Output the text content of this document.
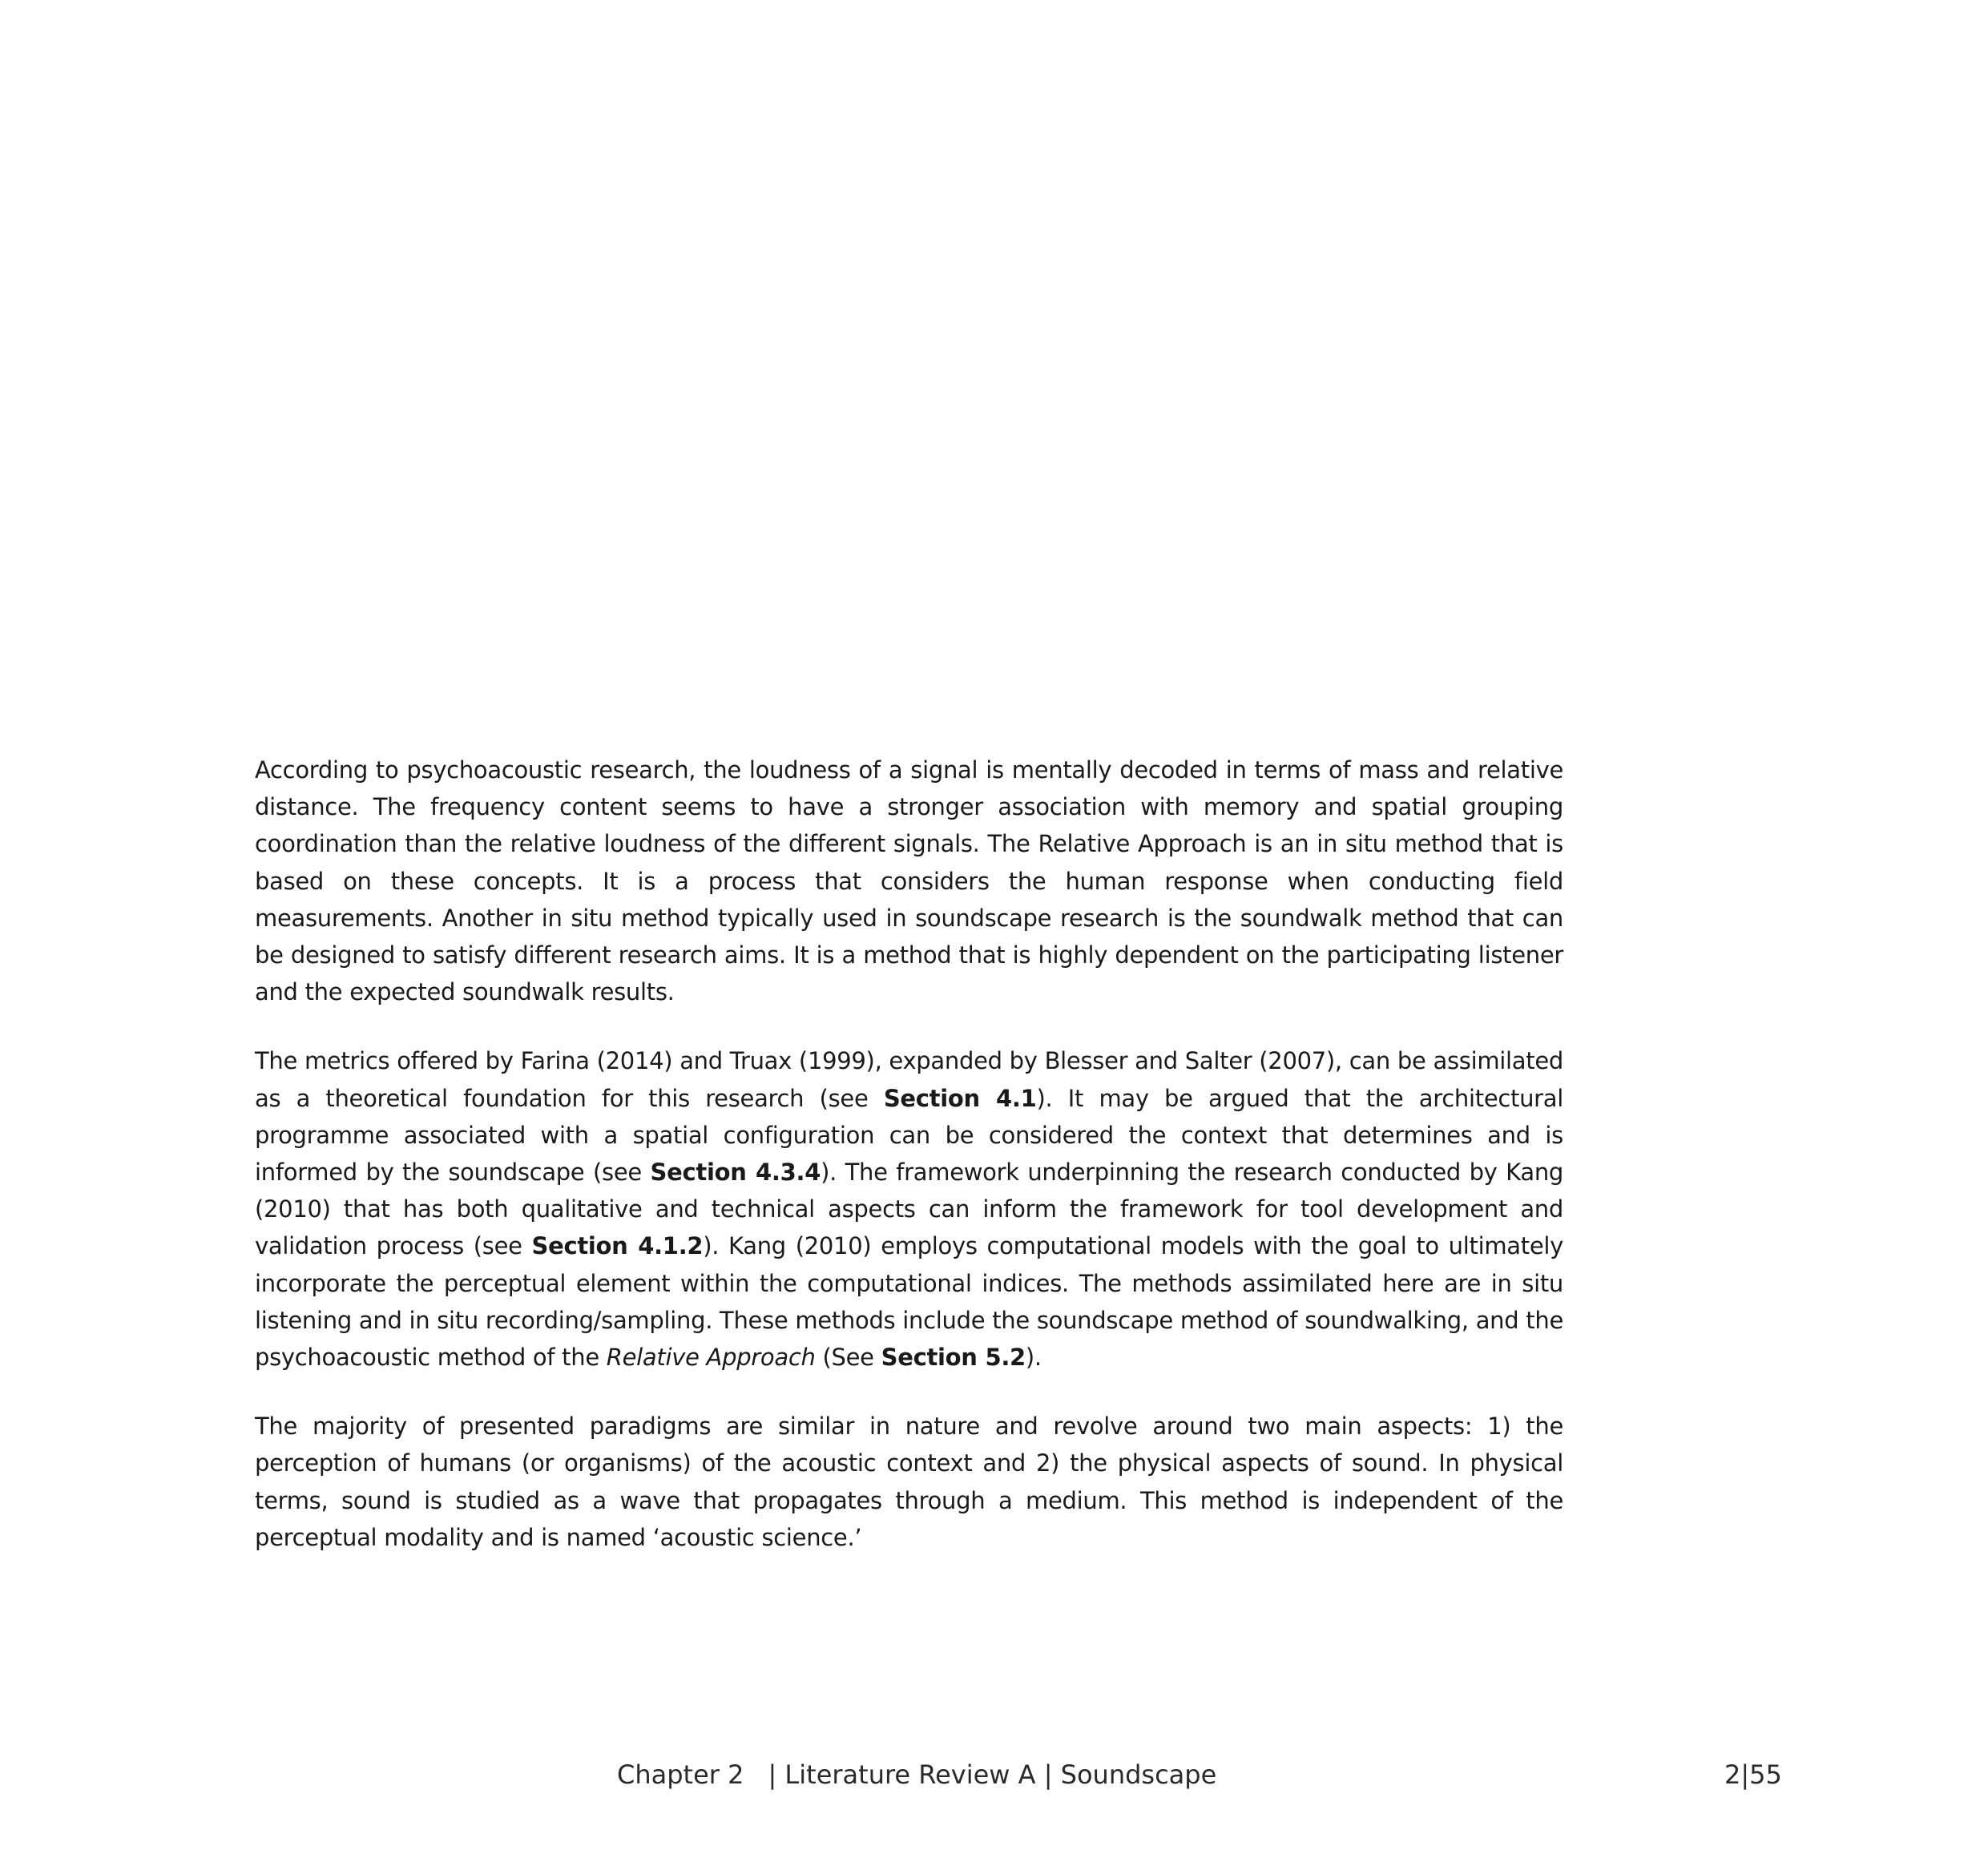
According to psychoacoustic research, the loudness of a signal is mentally decoded in terms of mass and relative distance. The frequency content seems to have a stronger association with memory and spatial grouping coordination than the relative loudness of the different signals. The Relative Approach is an in situ method that is based on these concepts. It is a process that considers the human response when conducting field measurements. Another in situ method typically used in soundscape research is the soundwalk method that can be designed to satisfy different research aims. It is a method that is highly dependent on the participating listener and the expected soundwalk results.

The metrics offered by Farina (2014) and Truax (1999), expanded by Blesser and Salter (2007), can be assimilated as a theoretical foundation for this research (see Section 4.1). It may be argued that the architectural programme associated with a spatial configuration can be considered the context that determines and is informed by the soundscape (see Section 4.3.4). The framework underpinning the research conducted by Kang (2010) that has both qualitative and technical aspects can inform the framework for tool development and validation process (see Section 4.1.2). Kang (2010) employs computational models with the goal to ultimately incorporate the perceptual element within the computational indices. The methods assimilated here are in situ listening and in situ recording/sampling. These methods include the soundscape method of soundwalking, and the psychoacoustic method of the Relative Approach (See Section 5.2).

The majority of presented paradigms are similar in nature and revolve around two main aspects: 1) the perception of humans (or organisms) of the acoustic context and 2) the physical aspects of sound. In physical terms, sound is studied as a wave that propagates through a medium. This method is independent of the perceptual modality and is named ‘acoustic science.’

Chapter 2 | Literature Review A | Soundscape	2|55
